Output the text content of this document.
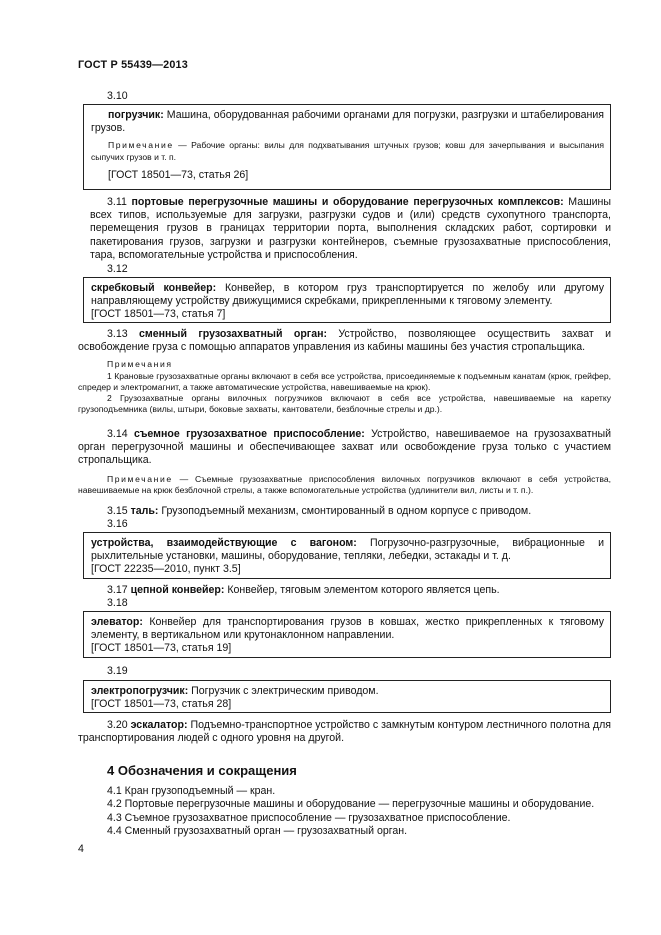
ГОСТ Р 55439—2013
3.10

погрузчик: Машина, оборудованная рабочими органами для погрузки, разгрузки и штабелирования грузов.

Примечание — Рабочие органы: вилы для подхватывания штучных грузов; ковш для зачерпывания и высыпания сыпучих грузов и т. п.

[ГОСТ 18501—73, статья 26]

3.11 портовые перегрузочные машины и оборудование перегрузочных комплексов: Машины всех типов, используемые для загрузки, разгрузки судов и (или) средств сухопутного транспорта, перемещения грузов в границах территории порта, выполнения складских работ, сортировки и пакетирования грузов, загрузки и разгрузки контейнеров, съемные грузозахватные приспособления, тара, вспомогательные устройства и приспособления.

3.12

скребковый конвейер: Конвейер, в котором груз транспортируется по желобу или другому направляющему устройству движущимися скребками, прикрепленными к тяговому элементу.

[ГОСТ 18501—73, статья 7]

3.13 сменный грузозахватный орган: Устройство, позволяющее осуществить захват и освобождение груза с помощью аппаратов управления из кабины машины без участия стропальщика.

Примечания

1 Крановые грузозахватные органы включают в себя все устройства, присоединяемые к подъемным канатам (крюк, грейфер, спредер и электромагнит, а также автоматические устройства, навешиваемые на крюк).

2 Грузозахватные органы вилочных погрузчиков включают в себя все устройства, навешиваемые на каретку грузоподъемника (вилы, штыри, боковые захваты, кантователи, безблочные стрелы и др.).

3.14 съемное грузозахватное приспособление: Устройство, навешиваемое на грузозахватный орган перегрузочной машины и обеспечивающее захват или освобождение груза только с участием стропальщика.

Примечание — Съемные грузозахватные приспособления вилочных погрузчиков включают в себя устройства, навешиваемые на крюк безблочной стрелы, а также вспомогательные устройства (удлинители вил, листы и т. п.).

3.15 таль: Грузоподъемный механизм, смонтированный в одном корпусе с приводом.
3.16

устройства, взаимодействующие с вагоном: Погрузочно-разгрузочные, вибрационные и рыхлительные установки, машины, оборудование, тепляки, лебедки, эстакады и т. д.

[ГОСТ 22235—2010, пункт 3.5]

3.17 цепной конвейер: Конвейер, тяговым элементом которого является цепь.
3.18

элеватор: Конвейер для транспортирования грузов в ковшах, жестко прикрепленных к тяговому элементу, в вертикальном или крутонаклонном направлении.

[ГОСТ 18501—73, статья 19]

3.19

электропогрузчик: Погрузчик с электрическим приводом.

[ГОСТ 18501—73, статья 28]

3.20 эскалатор: Подъемно-транспортное устройство с замкнутым контуром лестничного полотна для транспортирования людей с одного уровня на другой.

4 Обозначения и сокращения

4.1 Кран грузоподъемный — кран.

4.2 Портовые перегрузочные машины и оборудование — перегрузочные машины и оборудование.

4.3 Съемное грузозахватное приспособление — грузозахватное приспособление.

4.4 Сменный грузозахватный орган — грузозахватный орган.

4
